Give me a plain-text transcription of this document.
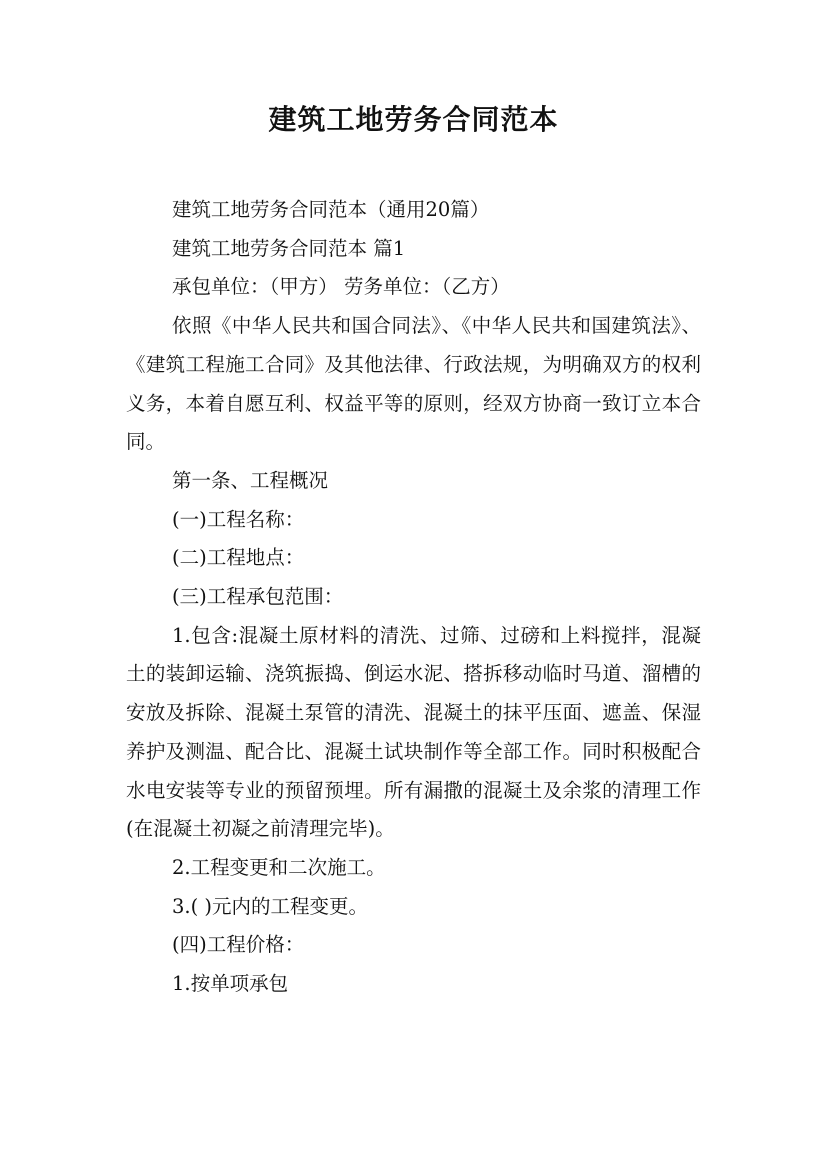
建筑工地劳务合同范本

建筑工地劳务合同范本（通用20篇）

建筑工地劳务合同范本 篇1

承包单位：（甲方） 劳务单位：（乙方）

依照《中华人民共和国合同法》、《中华人民共和国建筑法》、《建筑工程施工合同》及其他法律、行政法规，为明确双方的权利义务，本着自愿互利、权益平等的原则，经双方协商一致订立本合同。

第一条、工程概况

(一)工程名称：

(二)工程地点：

(三)工程承包范围：

1.包含:混凝土原材料的清洗、过筛、过磅和上料搅拌，混凝土的装卸运输、浇筑振捣、倒运水泥、搭拆移动临时马道、溜槽的安放及拆除、混凝土泵管的清洗、混凝土的抹平压面、遮盖、保湿养护及测温、配合比、混凝土试块制作等全部工作。同时积极配合水电安装等专业的预留预埋。所有漏撒的混凝土及余浆的清理工作(在混凝土初凝之前清理完毕)。

2.工程变更和二次施工。

3.( )元内的工程变更。

(四)工程价格：

1.按单项承包
